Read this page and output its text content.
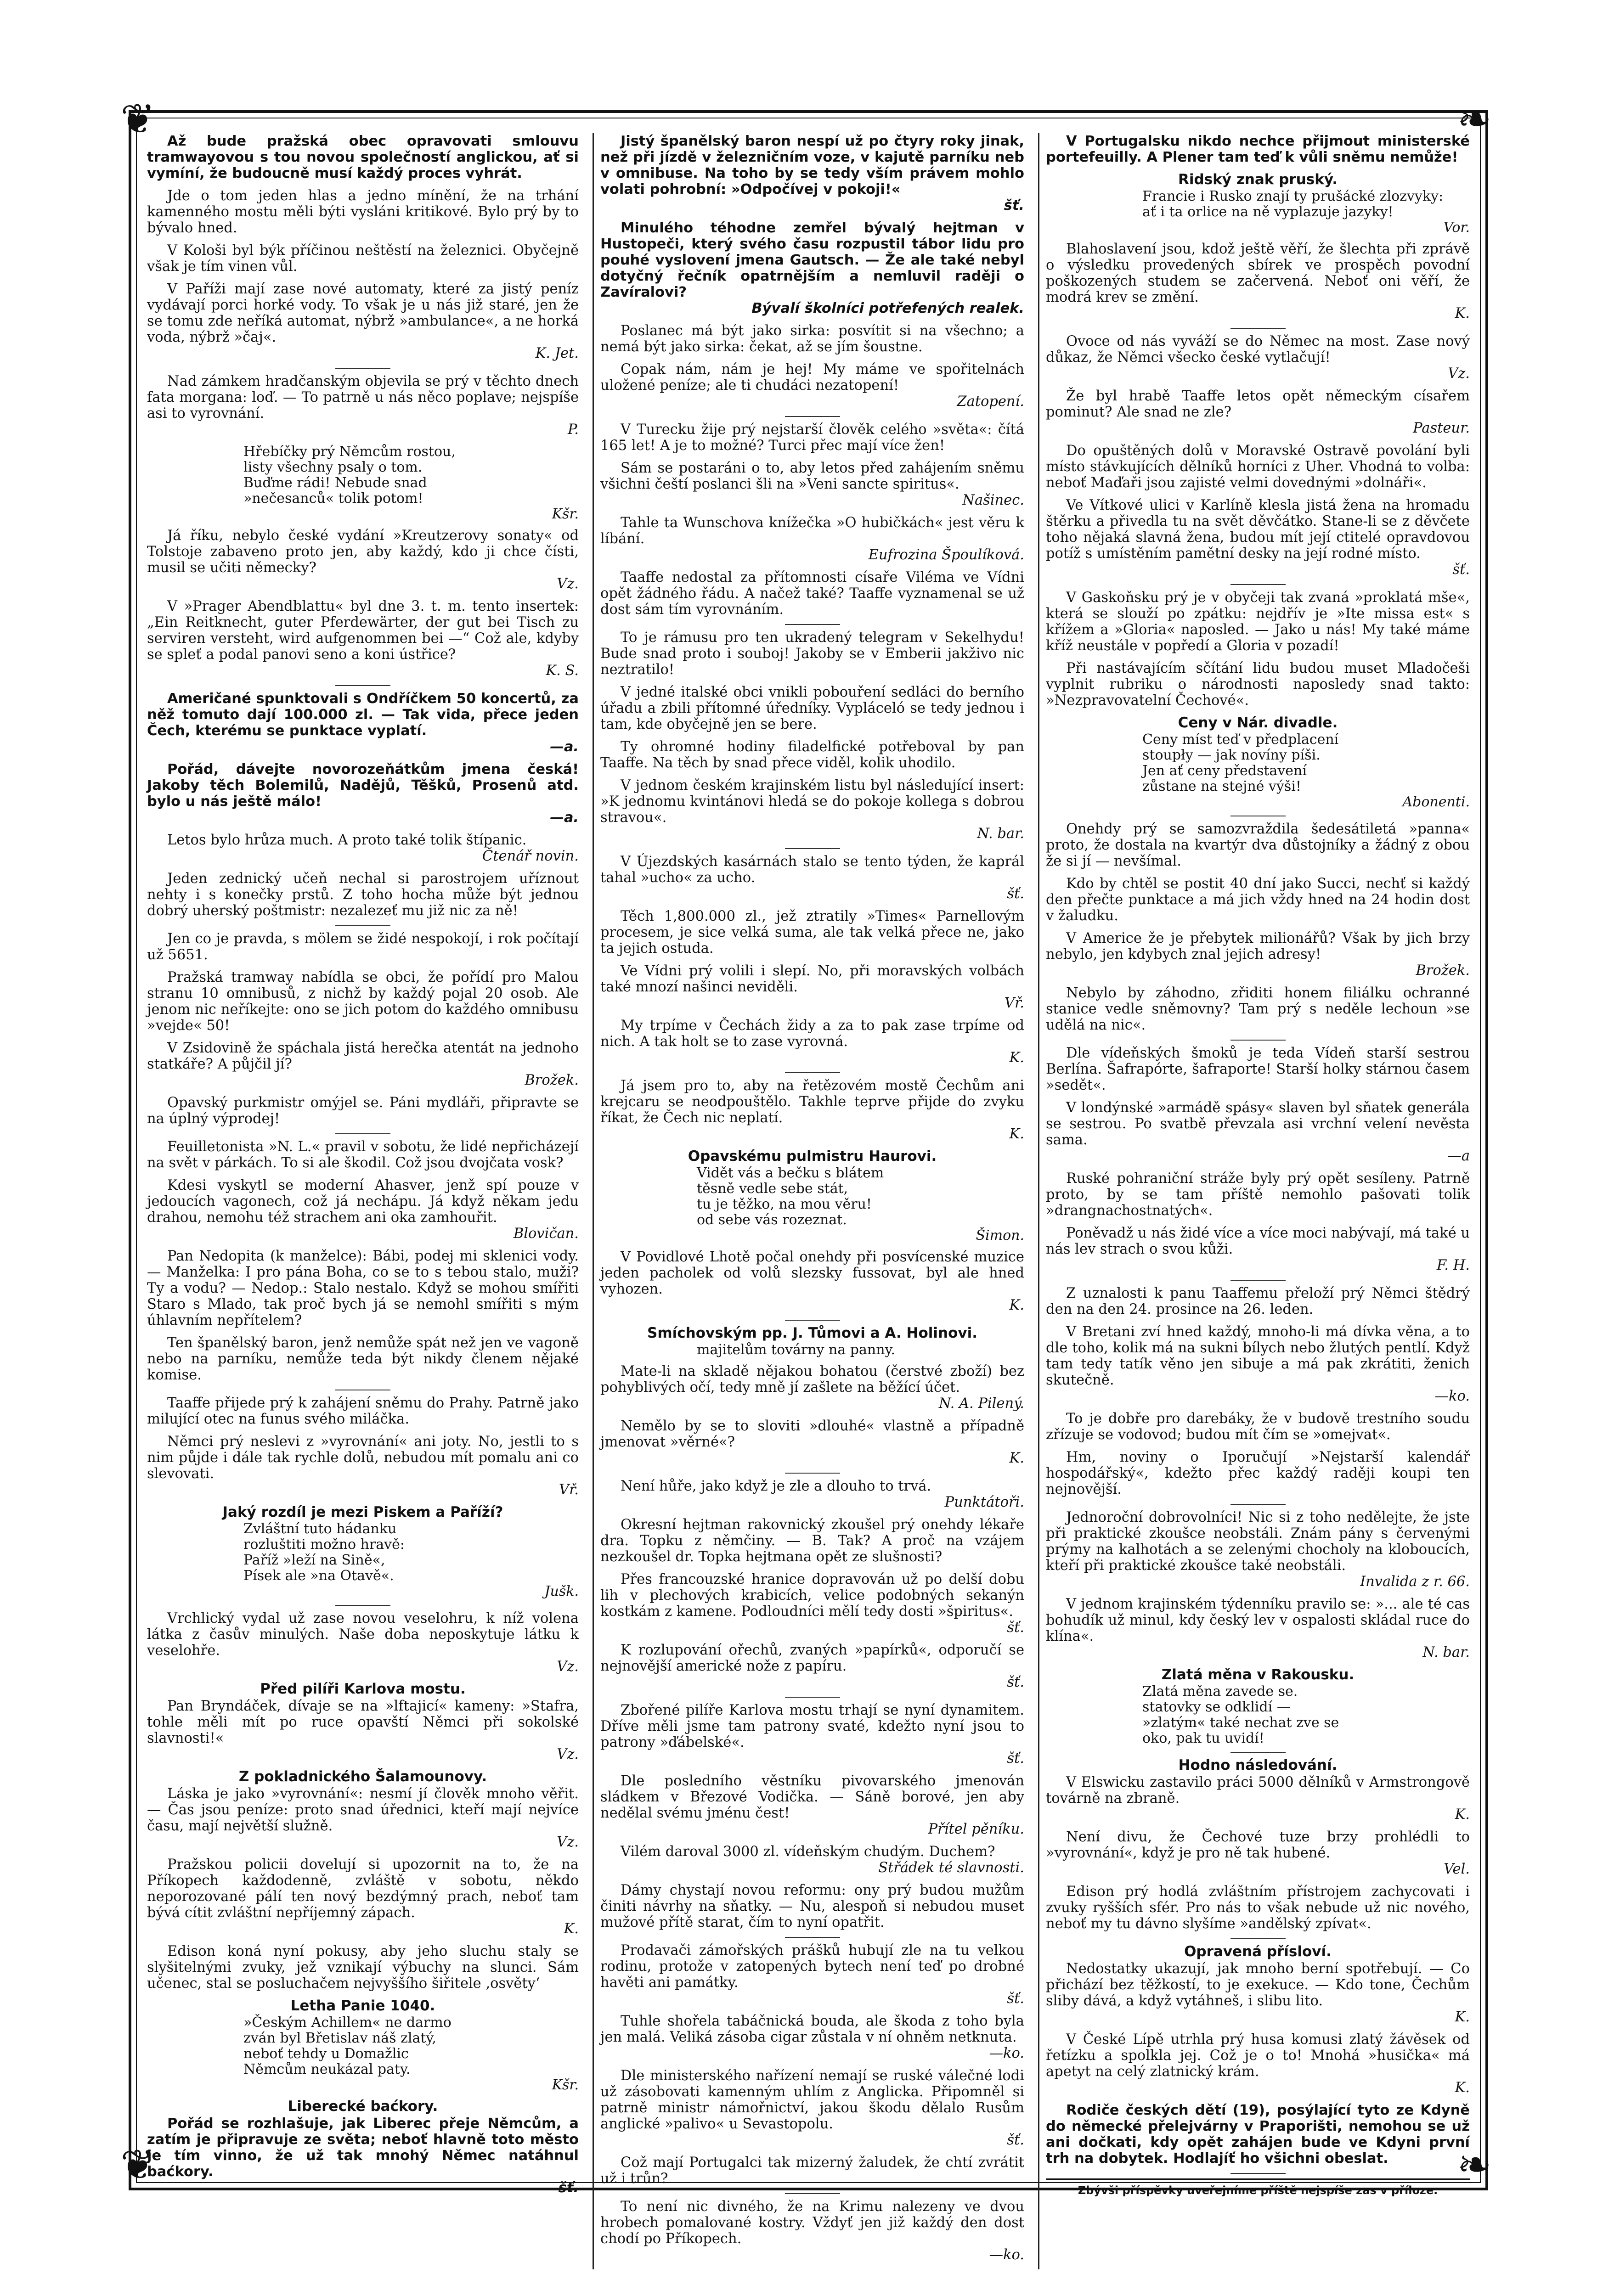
❦	❧
❦	❧

Až bude pražská obec opravovati smlouvu tramwayovou s tou novou společností anglickou, ať si vymíní, že budoucně musí každý proces vyhrát.

Jde o tom jeden hlas a jedno mínění, že na trhání kamenného mostu měli býti vysláni kritikové. Bylo prý by to bývalo hned.

V Kološi byl býk příčinou neštěstí na železnici. Obyčejně však je tím vinen vůl.

V Paříži mají zase nové automaty, které za jistý peníz vydávají porci horké vody. To však je u nás již staré, jen že se tomu zde neříká automat, nýbrž »ambulance«, a ne horká voda, nýbrž »čaj«.
K. Jet.

Nad zámkem hradčanským objevila se prý v těchto dnech fata morgana: loď. — To patrně u nás něco poplave; nejspíše asi to vyrovnání.
P.

Hřebíčky prý Němcům rostou,
listy všechny psaly o tom.
Buďme rádi! Nebude snad
»nečesanců« tolik potom!
Kšr.

Já říku, nebylo české vydání »Kreutzerovy sonaty« od Tolstoje zabaveno proto jen, aby každý, kdo ji chce čísti, musil se učiti německy?
Vz.

V »Prager Abendblattu« byl dne 3. t. m. tento insertek: „Ein Reitknecht, guter Pferdewärter, der gut bei Tisch zu serviren versteht, wird aufgenommen bei —“ Což ale, kdyby se spleť a podal panovi seno a koni ústřice?
K. S.

Američané spunktovali s Ondříčkem 50 koncertů, za něž tomuto dají 100.000 zl. — Tak vida, přece jeden Čech, kterému se punktace vyplatí.
—a.

Pořád, dávejte novorozeňátkům jmena česká! Jakoby těch Bolemilů, Nadějů, Těšků, Prosenů atd. bylo u nás ještě málo!
—a.

Letos bylo hrůza much. A proto také tolik štípanic.
Čtenář novin.

Jeden zednický učeň nechal si parostrojem uříznout nehty i s konečky prstů. Z toho hocha může být jednou dobrý uherský poštmistr: nezalezeť mu již nic za ně!

Jen co je pravda, s mölem se židé nespokojí, i rok počítají už 5651.

Pražská tramway nabídla se obci, že pořídí pro Malou stranu 10 omnibusů, z nichž by každý pojal 20 osob. Ale jenom nic neříkejte: ono se jich potom do každého omnibusu »vejde« 50!

V Zsidovině že spáchala jistá herečka atentát na jednoho statkáře? A půjčil jí?
Brožek.

Opavský purkmistr omýjel se. Páni mydláři, připravte se na úplný výprodej!

Feuilletonista »N. L.« pravil v sobotu, že lidé nepřicházejí na svět v párkách. To si ale škodil. Což jsou dvojčata vosk?

Kdesi vyskytl se moderní Ahasver, jenž spí pouze v jedoucích vagonech, což já nechápu. Já když někam jedu drahou, nemohu též strachem ani oka zamhouřit.
Blovičan.

Pan Nedopita (k manželce): Bábi, podej mi sklenici vody. — Manželka: I pro pána Boha, co se to s tebou stalo, muži? Ty a vodu? — Nedop.: Stalo nestalo. Když se mohou smířiti Staro s Mlado, tak proč bych já se nemohl smířiti s mým úhlavním nepřítelem?

Ten španělský baron, jenž nemůže spát než jen ve vagoně nebo na parníku, nemůže teda být nikdy členem nějaké komise.

Taaffe přijede prý k zahájení sněmu do Prahy. Patrně jako milující otec na funus svého miláčka.

Němci prý neslevi z »vyrovnání« ani joty. No, jestli to s nim půjde i dále tak rychle dolů, nebudou mít pomalu ani co slevovati.
Vř.

Jaký rozdíl je mezi Piskem a Paříží?
Zvláštní tuto hádanku
rozluštiti možno hravě:
Paříž »leží na Sině«,
Písek ale »na Otavě«.
Jušk.

Vrchlický vydal už zase novou veselohru, k níž volena látka z časův minulých. Naše doba neposkytuje látku k veselohře.
Vz.

Před pilíři Karlova mostu.

Pan Bryndáček, dívaje se na »lftajicí« kameny: »Stafra, tohle měli mít po ruce opavští Němci při sokolské slavnosti!«
Vz.

Z pokladnického Šalamounovy.

Láska je jako »vyrovnání«: nesmí jí člověk mnoho věřit. — Čas jsou peníze: proto snad úřednici, kteří mají nejvíce času, mají největší služně.
Vz.

Pražskou policii dovelují si upozornit na to, že na Příkopech každodenně, zvláště v sobotu, někdo neporozované pálí ten nový bezdýmný prach, neboť tam bývá cítit zvláštní nepříjemný zápach.
K.

Edison koná nyní pokusy, aby jeho sluchu staly se slyšitelnými zvuky, jež vznikají výbuchy na slunci. Sám učenec, stal se posluchačem nejvyššího šiřitele ‚osvěty‘

Letha Panie 1040.
»Českým Achillem« ne darmo
zván byl Břetislav náš zlatý,
neboť tehdy u Domažlic
Němcům neukázal paty.
Kšr.
Liberecké baćkory.

Pořád se rozhlašuje, jak Liberec přeje Němcům, a zatím je připravuje ze světa; neboť hlavně toto město je tím vinno, že už tak mnohý Němec natáhnul baćkory.
šť.

Jistý španělský baron nespí už po čtyry roky jinak, než při jízdě v železničním voze, v kajutě parníku neb v omnibuse. Na toho by se tedy vším právem mohlo volati pohrobní: »Odpočívej v pokoji!«
šť.

Minulého téhodne zemřel bývalý hejtman v Hustopeči, který svého času rozpustil tábor lidu pro pouhé vyslovení jmena Gautsch. — Že ale také nebyl dotyčný řečník opatrnějším a nemluvil raději o Zavíralovi?
Bývalí školníci potřefených realek.

Poslanec má být jako sirka: posvítit si na všechno; a nemá být jako sirka: čekat, až se jím šoustne.

Copak nám, nám je hej! My máme ve spořitelnách uložené peníze; ale ti chudáci nezatopení!
Zatopení.

V Turecku žije prý nejstarší člověk celého »světa«: čítá 165 let! A je to možné? Turci přec mají více žen!

Sám se postaráni o to, aby letos před zahájením sněmu všichni čeští poslanci šli na »Veni sancte spiritus«.
Našinec.

Tahle ta Wunschova knížečka »O hubičkách« jest věru k líbání.
Eufrozina Špoulíková.

Taaffe nedostal za přítomnosti císaře Viléma ve Vídni opět žádného řádu. A načež také? Taaffe vyznamenal se už dost sám tím vyrovnáním.

To je rámusu pro ten ukradený telegram v Sekelhydu! Bude snad proto i souboj! Jakoby se v Emberii jakživo nic neztratilo!

V jedné italské obci vnikli pobouření sedláci do berního úřadu a zbili přítomné úředníky. Vypláceló se tedy jednou i tam, kde obyčejně jen se bere.

Ty ohromné hodiny filadelfické potřeboval by pan Taaffe. Na těch by snad přece viděl, kolik uhodilo.

V jednom českém krajinském listu byl následující insert: »K jednomu kvintánovi hledá se do pokoje kollega s dobrou stravou«.
N. bar.

V Újezdských kasárnách stalo se tento týden, že kaprál tahal »ucho« za ucho.
šť.

Těch 1,800.000 zl., jež ztratily »Times« Parnellovým procesem, je sice velká suma, ale tak velká přece ne, jako ta jejich ostuda.

Ve Vídni prý volili i slepí. No, při moravských volbách také mnozí našinci neviděli.
Vř.

My trpíme v Čechách židy a za to pak zase trpíme od nich. A tak holt se to zase vyrovná.
K.

Já jsem pro to, aby na řetězovém mostě Čechům ani krejcaru se neodpouštělo. Takhle teprve přijde do zvyku říkat, že Čech nic neplatí.
K.

Opavskému pulmistru Haurovi.
Vidět vás a bečku s blátem
těsně vedle sebe stát,
tu je těžko, na mou věru!
od sebe vás rozeznat.
Šimon.

V Povidlové Lhotě počal onehdy při posvícenské muzice jeden pacholek od volů slezsky fussovat, byl ale hned vyhozen.
K.

Smíchovským pp. J. Tůmovi a A. Holinovi.
majitelům továrny na panny.

Mate-li na skladě nějakou bohatou (čerstvé zboží) bez pohyblivých očí, tedy mně jí zašlete na běžící účet.
N. A. Pilený.

Nemělo by se to sloviti »dlouhé« vlastně a případně jmenovat »věrné«?
K.

Není hůře, jako když je zle a dlouho to trvá.
Punktátoři.

Okresní hejtman rakovnický zkoušel prý onehdy lékaře dra. Topku z němčiny. — B. Tak? A proč na vzájem nezkoušel dr. Topka hejtmana opět ze slušnosti?

Přes francouzské hranice dopravován už po delší dobu lih v plechových krabicích, velice podobných sekanýn kostkám z kamene. Podloudníci mělí tedy dosti »špiritus«.
šť.

K rozlupování ořechů, zvaných »papírků«, odporučí se nejnovější americké nože z papíru.
šť.

Zbořené pilíře Karlova mostu trhají se nyní dynamitem. Dříve měli jsme tam patrony svaté, kdežto nyní jsou to patrony »ďábelské«.
šť.

Dle posledního věstníku pivovarského jmenován sládkem v Březové Vodička. — Sáně borové, jen aby nedělal svému jménu čest!
Přítel pěníku.

Vilém daroval 3000 zl. vídeňským chudým. Duchem?
Střádek té slavnosti.

Dámy chystají novou reformu: ony prý budou mužům činiti návrhy na sňatky. — Nu, alespoň si nebudou muset mužové přítě starat, čím to nyní opatřit.

Prodavači zámořských prášků hubují zle na tu velkou rodinu, protože v zatopených bytech není teď po drobné havěti ani památky.
šť.

Tuhle shořela tabáčnická bouda, ale škoda z toho byla jen malá. Veliká zásoba cigar zůstala v ní ohněm netknuta.
—ko.

Dle ministerského nařízení nemají se ruské válečné lodi už zásobovati kamenným uhlím z Anglicka. Připomněl si patrně ministr námořnictví, jakou škodu dělalo Rusům anglické »palivo« u Sevastopolu.
šť.

Což mají Portugalci tak mizerný žaludek, že chtí zvrátit už i trůn?

To není nic divného, že na Krimu nalezeny ve dvou hrobech pomalované kostry. Vždyť jen již každý den dost chodí po Příkopech.
—ko.

V Portugalsku nikdo nechce přijmout ministerské portefeuilly. A Plener tam teď k vůli sněmu nemůže!

Ridský znak pruský.
Francie i Rusko znají ty prušácké zlozvyky:
ať i ta orlice na ně vyplazuje jazyky!
Vor.

Blahoslavení jsou, kdož ještě věří, že šlechta při zprávě o výsledku provedených sbírek ve prospěch povodní poškozených studem se začervená. Neboť oni věří, že modrá krev se změní.
K.

Ovoce od nás vyváží se do Němec na most. Zase nový důkaz, že Němci všecko české vytlačují!
Vz.

Že byl hrabě Taaffe letos opět německým císařem pominut? Ale snad ne zle?
Pasteur.

Do opuštěných dolů v Moravské Ostravě povolání byli místo stávkujících dělníků horníci z Uher. Vhodná to volba: neboť Maďaři jsou zajisté velmi dovednými »dolnáři«.

Ve Vítkové ulici v Karlíně klesla jistá žena na hromadu štěrku a přivedla tu na svět děvčátko. Stane-li se z děvčete toho nějaká slavná žena, budou mít její ctitelé opravdovou potíž s umístěním pamětní desky na její rodné místo.
šť.

V Gaskoňsku prý je v obyčeji tak zvaná »proklatá mše«, která se slouží po zpátku: nejdřív je »Ite missa est« s křížem a »Gloria« naposled. — Jako u nás! My také máme kříž neustále v popředí a Gloria v pozadí!

Při nastávajícím sčítání lidu budou muset Mladočeši vyplnit rubriku o národnosti naposledy snad takto: »Nezpravovatelní Čechové«.

Ceny v Nár. divadle.
Ceny míst teď v předplacení
stoupły — jak novíny píši.
Jen ať ceny představení
zůstane na stejné výši!
Abonenti.

Onehdy prý se samozvraždila šedesátiletá »panna« proto, že dostala na kvartýr dva důstojníky a žádný z obou že si jí — nevšímal.

Kdo by chtěl se postit 40 dní jako Succi, nechť si každý den přečte punktace a má jich vždy hned na 24 hodin dost v žaludku.

V Americe že je přebytek milionářů? Však by jich brzy nebylo, jen kdybych znal jejich adresy!
Brožek.

Nebylo by záhodno, zřiditi honem filiálku ochranné stanice vedle sněmovny? Tam prý s neděle lechoun »se udělá na nic«.

Dle vídeňských šmoků je teda Vídeň starší sestrou Berlína. Šafrapórte, šafraporte! Starší holky stárnou časem »sedět«.

V londýnské »armádě spásy« slaven byl sňatek generála se sestrou. Po svatbě převzala asi vrchní velení nevěsta sama.
—a

Ruské pohraniční stráže byly prý opět sesíleny. Patrně proto, by se tam příště nemohlo pašovati tolik »drangnachostnatých«.

Poněvadž u nás židé více a více moci nabývají, má také u nás lev strach o svou kůži.
F. H.

Z uznalosti k panu Taaffemu přeloží prý Němci štědrý den na den 24. prosince na 26. leden.

V Bretani zví hned každý, mnoho-li má dívka věna, a to dle toho, kolik má na sukni bílych nebo žlutých pentlí. Když tam tedy tatík věno jen sibuje a má pak zkrátiti, ženich skutečně.
—ko.

To je dobře pro darebáky, že v budově trestního soudu zřízuje se vodovod; budou mít čím se »omejvat«.

Hm, noviny o Iporučují »Nejstarší kalendář hospodářský«, kdežto přec každý raději koupi ten nejnovější.

Jednoroční dobrovolníci! Nic si z toho nedělejte, že jste při praktické zkoušce neobstáli. Znám pány s červenými prýmy na kalhotách a se zelenými chocholy na kloboucích, kteří při praktické zkoušce také neobstáli.
Invalida z r. 66.

V jednom krajinském týdenníku pravilo se: »... ale té cas bohudík už minul, kdy český lev v ospalosti skládal ruce do klína«.
N. bar.

Zlatá měna v Rakousku.
Zlatá měna zavede se.
statovky se odklidí —
»zlatým« také nechat zve se
oko, pak tu uvidí!
Hodno následování.

V Elswicku zastavilo práci 5000 dělníků v Armstrongově továrně na zbraně.
K.

Není divu, že Čechové tuze brzy prohlédli to »vyrovnání«, když je pro ně tak hubené.
Vel.

Edison prý hodlá zvláštním přístrojem zachycovati i zvuky ryšších sfér. Pro nás to však nebude už nic nového, neboť my tu dávno slyšíme »andělský zpívat«.

Opravená přísloví.

Nedostatky ukazují, jak mnoho berní spotřebují. — Co přichází bez těžkostí, to je exekuce. — Kdo tone, Čechům sliby dává, a když vytáhneš, i slibu lito.
K.

V České Lípě utrhla prý husa komusi zlatý žávěsek od řetízku a spolkla jej. Což je o to! Mnohá »husička« má apetyt na celý zlatnický krám.
K.

Rodiče českých dětí (19), posýlající tyto ze Kdyně do německé přelejvárny v Praporišti, nemohou se už ani dočkati, kdy opět zahájen bude ve Kdyni první trh na dobytek. Hodlajíť ho všichni obeslat.

Zbývši příspěvky uveřejníme příště nejspíše zas v příloze.
